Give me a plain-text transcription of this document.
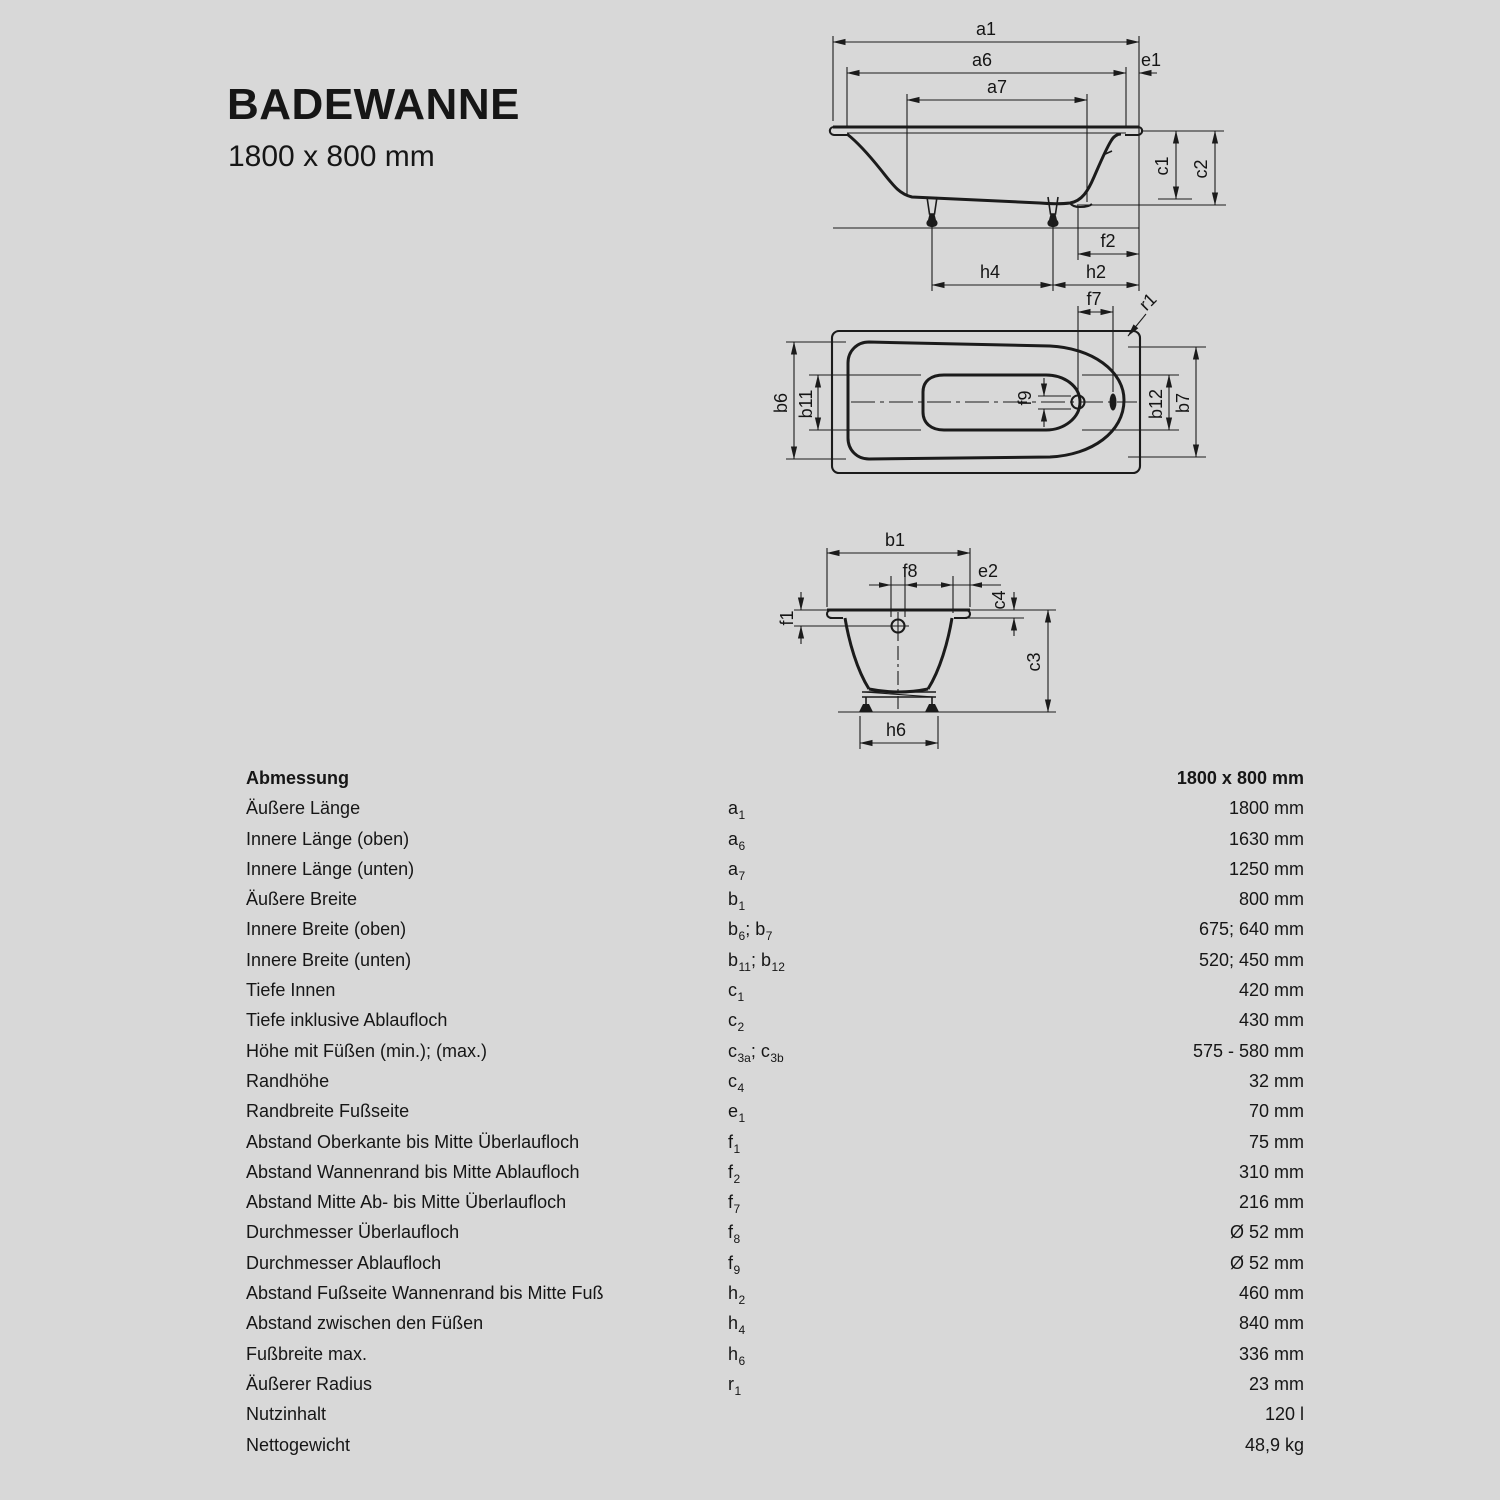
BADEWANNE
1800 x 800 mm
a1
a6	e1
a7
c1 c2
f2
h4	h2
f7 r1
f9
b6 b11	b12 b7
b1
f8	e2
f1
c4
c3
h6
Abmessung	1800 x 800 mm
Äußere Länge	$a_1$	1800 mm
Innere Länge (oben)	$a_6$	1630 mm
Innere Länge (unten)	$a_7$	1250 mm
Äußere Breite	$b_1$	800 mm
Innere Breite (oben)	$b_6$; $b_7$	675; 640 mm
Innere Breite (unten)	$b_{11}$; $b_{12}$	520; 450 mm
Tiefe Innen	$c_1$	420 mm
Tiefe inklusive Ablaufloch	$c_2$	430 mm
Höhe mit Füßen (min.); (max.)	$c_{3a}$; $c_{3b}$	575 - 580 mm
Randhöhe	$c_4$	32 mm
Randbreite Fußseite	$e_1$	70 mm
Abstand Oberkante bis Mitte Überlaufloch	$f_1$	75 mm
Abstand Wannenrand bis Mitte Ablaufloch	$f_2$	310 mm
Abstand Mitte Ab- bis Mitte Überlaufloch	$f_7$	216 mm
Durchmesser Überlaufloch	$f_8$	Ø 52 mm
Durchmesser Ablaufloch	$f_9$	Ø 52 mm
Abstand Fußseite Wannenrand bis Mitte Fuß	$h_2$	460 mm
Abstand zwischen den Füßen	$h_4$	840 mm
Fußbreite max.	$h_6$	336 mm
Äußerer Radius	$r_1$	23 mm
Nutzinhalt	120 l
Nettogewicht	48,9 kg
